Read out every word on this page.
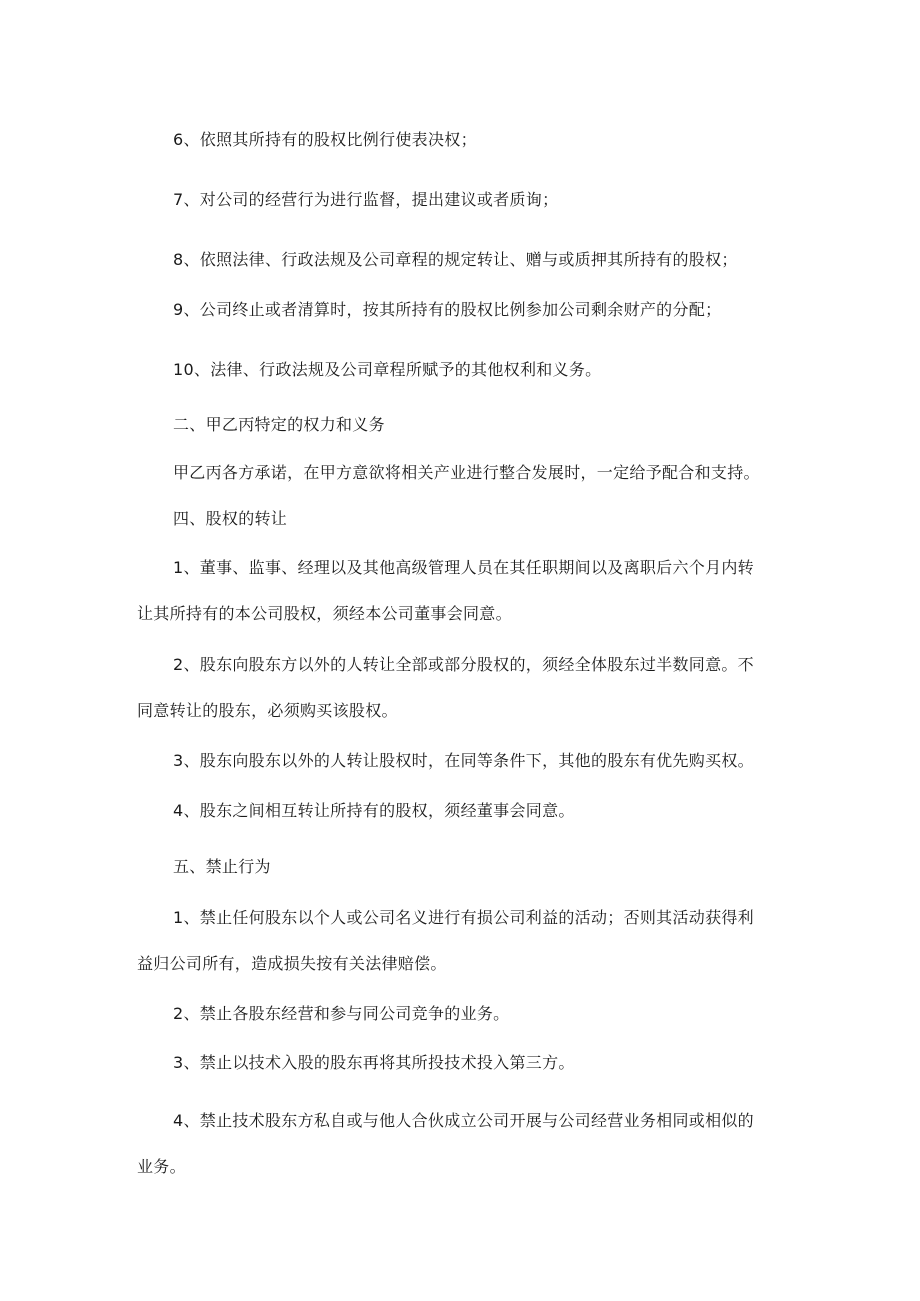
6、依照其所持有的股权比例行使表决权；

7、对公司的经营行为进行监督，提出建议或者质询；

8、依照法律、行政法规及公司章程的规定转让、赠与或质押其所持有的股权；

9、公司终止或者清算时，按其所持有的股权比例参加公司剩余财产的分配；

10、法律、行政法规及公司章程所赋予的其他权利和义务。

二、甲乙丙特定的权力和义务

甲乙丙各方承诺，在甲方意欲将相关产业进行整合发展时，一定给予配合和支持。

四、股权的转让

1、董事、监事、经理以及其他高级管理人员在其任职期间以及离职后六个月内转

让其所持有的本公司股权，须经本公司董事会同意。

2、股东向股东方以外的人转让全部或部分股权的，须经全体股东过半数同意。不

同意转让的股东，必须购买该股权。

3、股东向股东以外的人转让股权时，在同等条件下，其他的股东有优先购买权。

4、股东之间相互转让所持有的股权，须经董事会同意。

五、禁止行为

1、禁止任何股东以个人或公司名义进行有损公司利益的活动；否则其活动获得利

益归公司所有，造成损失按有关法律赔偿。

2、禁止各股东经营和参与同公司竞争的业务。

3、禁止以技术入股的股东再将其所投技术投入第三方。

4、禁止技术股东方私自或与他人合伙成立公司开展与公司经营业务相同或相似的

业务。
